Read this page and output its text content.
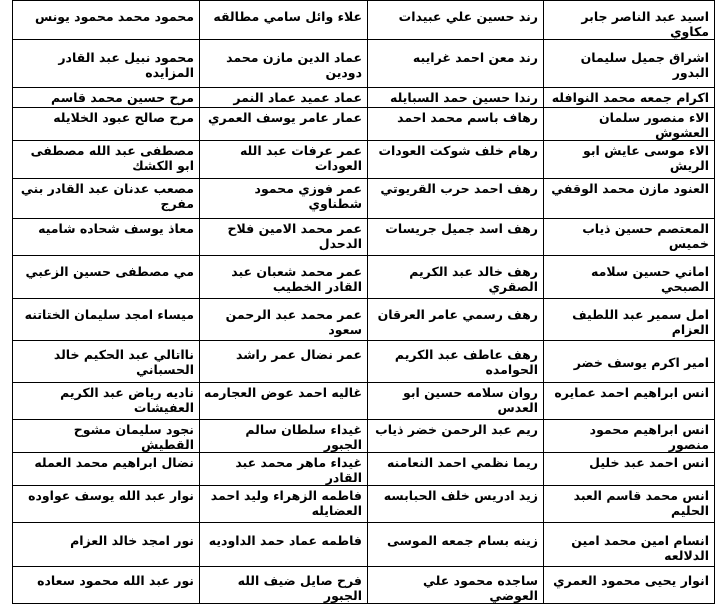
اسيد عبد الناصر جابر مكاوي	رند حسين علي عبيدات	علاء وائل سامي مطالقه	محمود محمد محمود يونس
اشراق جميل سليمان البدور	رند معن احمد غرايبه	عماد الدين مازن محمد دودين	محمود نبيل عبد القادر المزايده
اكرام جمعه محمد النوافله	رندا حسين حمد السبايله	عماد عميد عماد النمر	مرح حسين محمد قاسم
الاء منصور سلمان العشوش	رهاف باسم محمد احمد	عمار عامر يوسف العمري	مرح صالح عبود الخلايله
الاء موسى عايش ابو الريش	رهام خلف شوكت العودات	عمر عرفات عبد الله العودات	مصطفى عبد الله مصطفى ابو الكشك
العنود مازن محمد الوقفي	رهف احمد حرب القريوتي	عمر فوزي محمود شطناوي	مصعب عدنان عبد القادر بني مفرج
المعتصم حسين ذياب خميس	رهف اسد جميل جريسات	عمر محمد الامين فلاح الدحدل	معاذ يوسف شحاده شاميه
اماني حسين سلامه الصبحي	رهف خالد عبد الكريم الصقري	عمر محمد شعبان عبد القادر الخطيب	مي مصطفى حسين الزعبي
امل سمير عبد اللطيف العزام	رهف رسمي عامر العرقان	عمر محمد عبد الرحمن سعود	ميساء امجد سليمان الختاتنه
امير اكرم يوسف خضر	رهف عاطف عبد الكريم الحوامده	عمر نضال عمر راشد	نااتالي عبد الحكيم خالد الحسباني
انس ابراهيم احمد عمايره	روان سلامه حسين ابو العدس	غاليه احمد عوض العجارمه	ناديه رياض عبد الكريم العفيشات
انس ابراهيم محمود منصور	ريم عبد الرحمن خضر ذياب	غيداء سلطان سالم الجبور	نجود سليمان مشوح القطيش
انس احمد عبد خليل	ريما نظمي احمد النعامنه	غيداء ماهر محمد عبد القادر	نضال ابراهيم محمد العمله
انس محمد قاسم العبد الحليم	زيد ادريس خلف الحبابسه	فاطمه الزهراء وليد احمد العضايله	نوار عبد الله يوسف عواوده
انسام امين محمد امين الدلالعه	زينه بسام جمعه الموسى	فاطمه عماد حمد الداوديه	نور امجد خالد العزام
انوار يحيى محمود العمري	ساجده محمود علي العوضي	فرح صايل ضيف الله الجبور	نور عبد الله محمود سعاده
